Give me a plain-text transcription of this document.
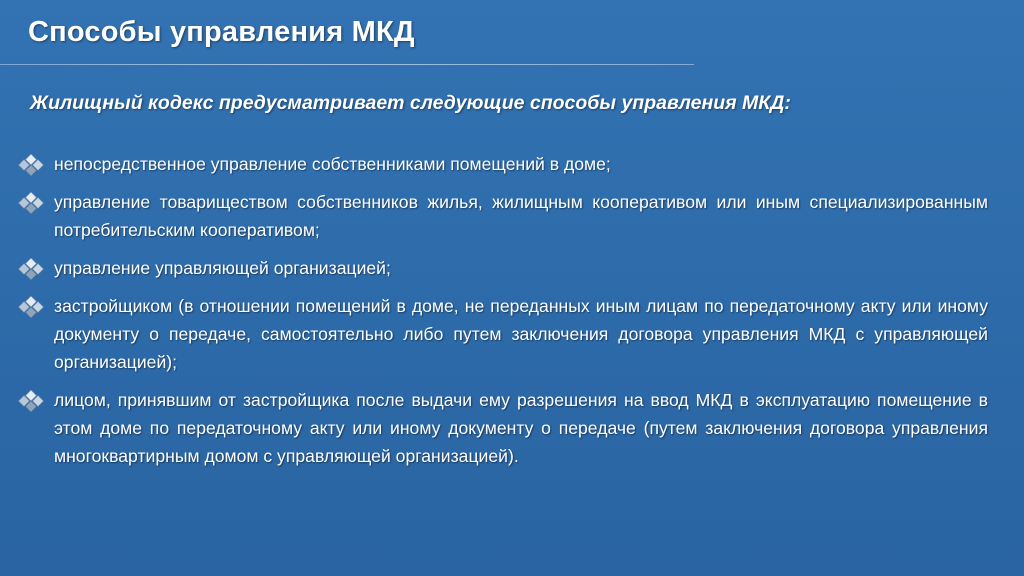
Способы управления МКД
Жилищный кодекс предусматривает следующие способы управления МКД:
непосредственное управление собственниками помещений в доме;
управление товариществом собственников жилья, жилищным кооперативом или иным специализированным потребительским кооперативом;
управление управляющей организацией;
застройщиком (в отношении помещений в доме, не переданных иным лицам по передаточному акту или иному документу о передаче, самостоятельно либо путем заключения договора управления МКД с управляющей организацией);
лицом, принявшим от застройщика после выдачи ему разрешения на ввод МКД в эксплуатацию помещение в этом доме по передаточному акту или иному документу о передаче (путем заключения договора управления многоквартирным домом с управляющей организацией).
